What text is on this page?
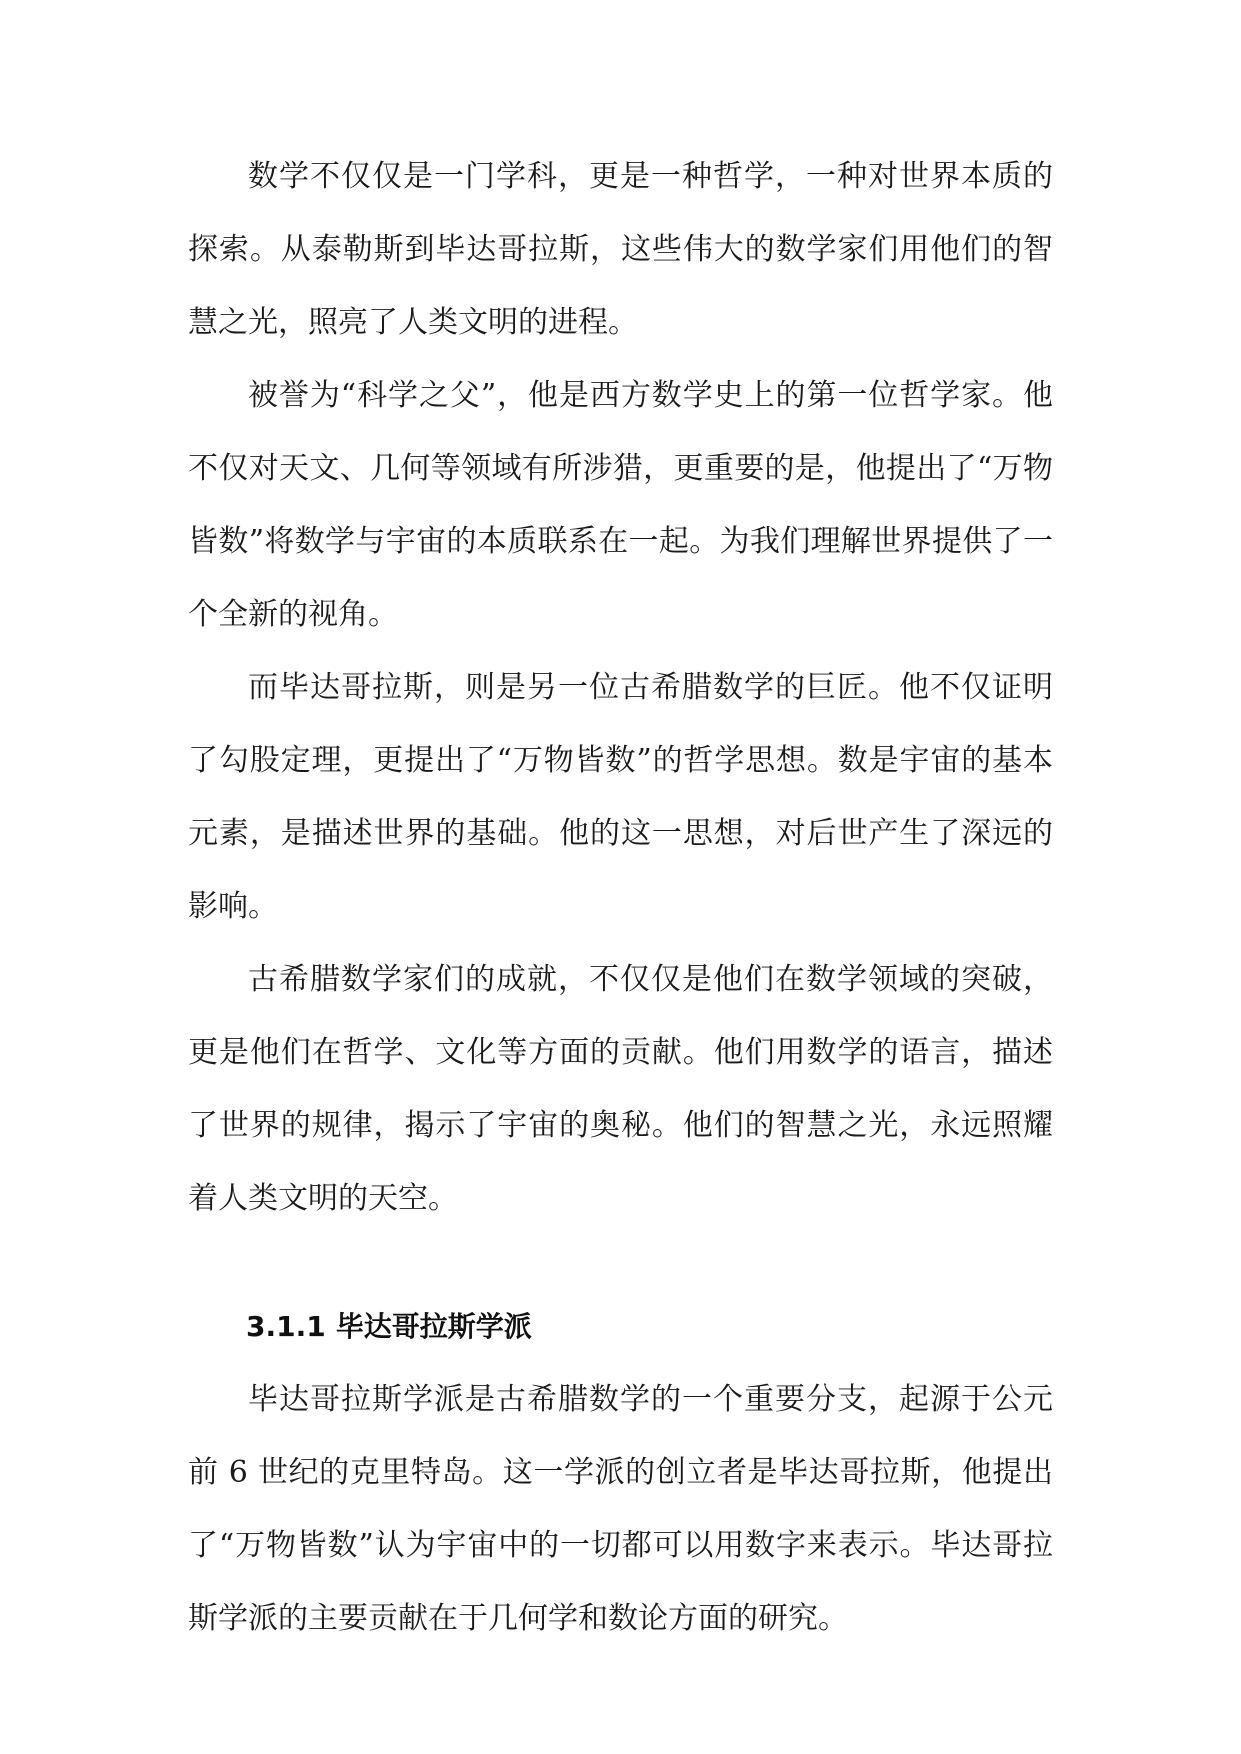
数学不仅仅是一门学科，更是一种哲学，一种对世界本质的探索。从泰勒斯到毕达哥拉斯，这些伟大的数学家们用他们的智慧之光，照亮了人类文明的进程。

被誉为“科学之父”，他是西方数学史上的第一位哲学家。他不仅对天文、几何等领域有所涉猎，更重要的是，他提出了“万物皆数”将数学与宇宙的本质联系在一起。为我们理解世界提供了一个全新的视角。

而毕达哥拉斯，则是另一位古希腊数学的巨匠。他不仅证明了勾股定理，更提出了“万物皆数”的哲学思想。数是宇宙的基本元素，是描述世界的基础。他的这一思想，对后世产生了深远的影响。

古希腊数学家们的成就，不仅仅是他们在数学领域的突破，更是他们在哲学、文化等方面的贡献。他们用数学的语言，描述了世界的规律，揭示了宇宙的奥秘。他们的智慧之光，永远照耀着人类文明的天空。

3.1.1 毕达哥拉斯学派

毕达哥拉斯学派是古希腊数学的一个重要分支，起源于公元前 6 世纪的克里特岛。这一学派的创立者是毕达哥拉斯，他提出了“万物皆数”认为宇宙中的一切都可以用数字来表示。毕达哥拉斯学派的主要贡献在于几何学和数论方面的研究。
